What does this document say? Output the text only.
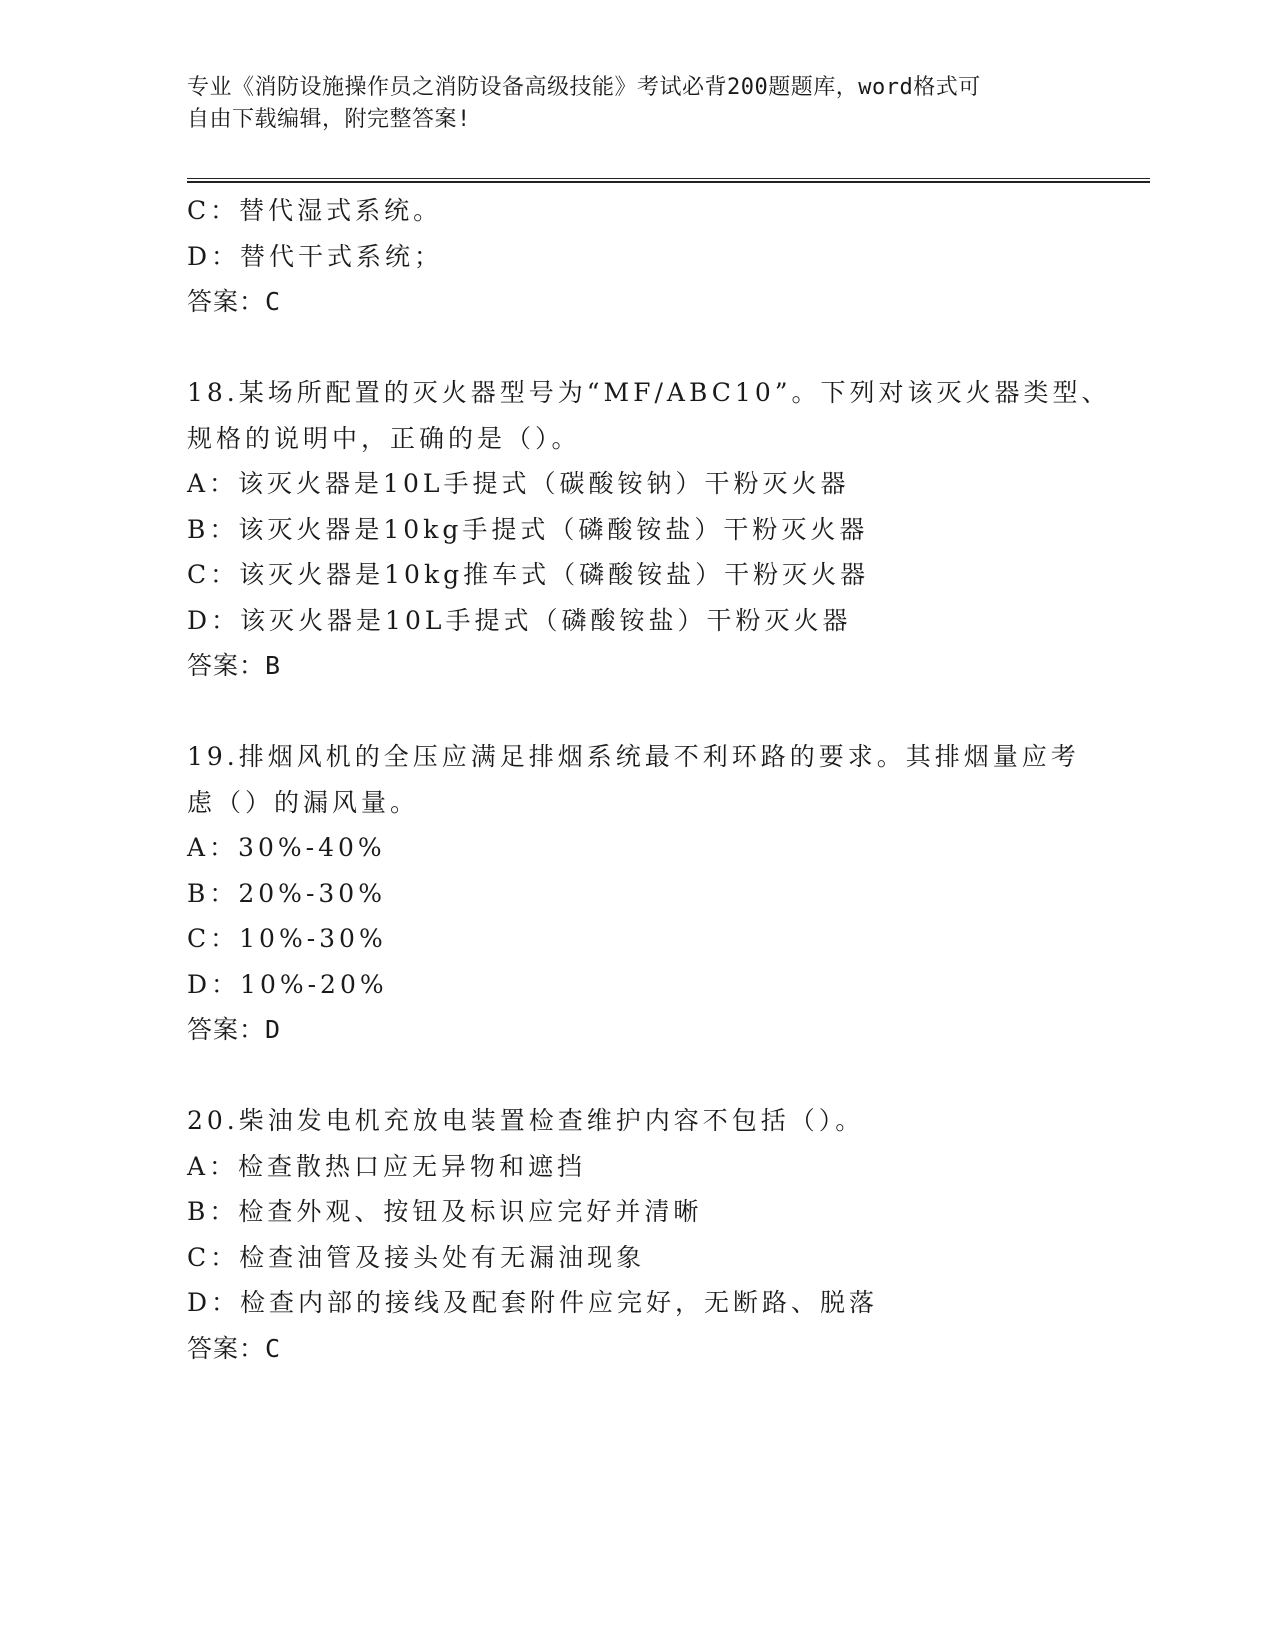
专业《消防设施操作员之消防设备高级技能》考试必背200题题库，word格式可
自由下载编辑，附完整答案!
C：替代湿式系统。
D：替代干式系统；
答案：C
18.某场所配置的灭火器型号为“MF/ABC10”。下列对该灭火器类型、
规格的说明中，正确的是（）。
A：该灭火器是10L手提式（碳酸铵钠）干粉灭火器
B：该灭火器是10kg手提式（磷酸铵盐）干粉灭火器
C：该灭火器是10kg推车式（磷酸铵盐）干粉灭火器
D：该灭火器是10L手提式（磷酸铵盐）干粉灭火器
答案：B
19.排烟风机的全压应满足排烟系统最不利环路的要求。其排烟量应考
虑（）的漏风量。
A：30%-40%
B：20%-30%
C：10%-30%
D：10%-20%
答案：D
20.柴油发电机充放电装置检查维护内容不包括（）。
A：检查散热口应无异物和遮挡
B：检查外观、按钮及标识应完好并清晰
C：检查油管及接头处有无漏油现象
D：检查内部的接线及配套附件应完好，无断路、脱落
答案：C
